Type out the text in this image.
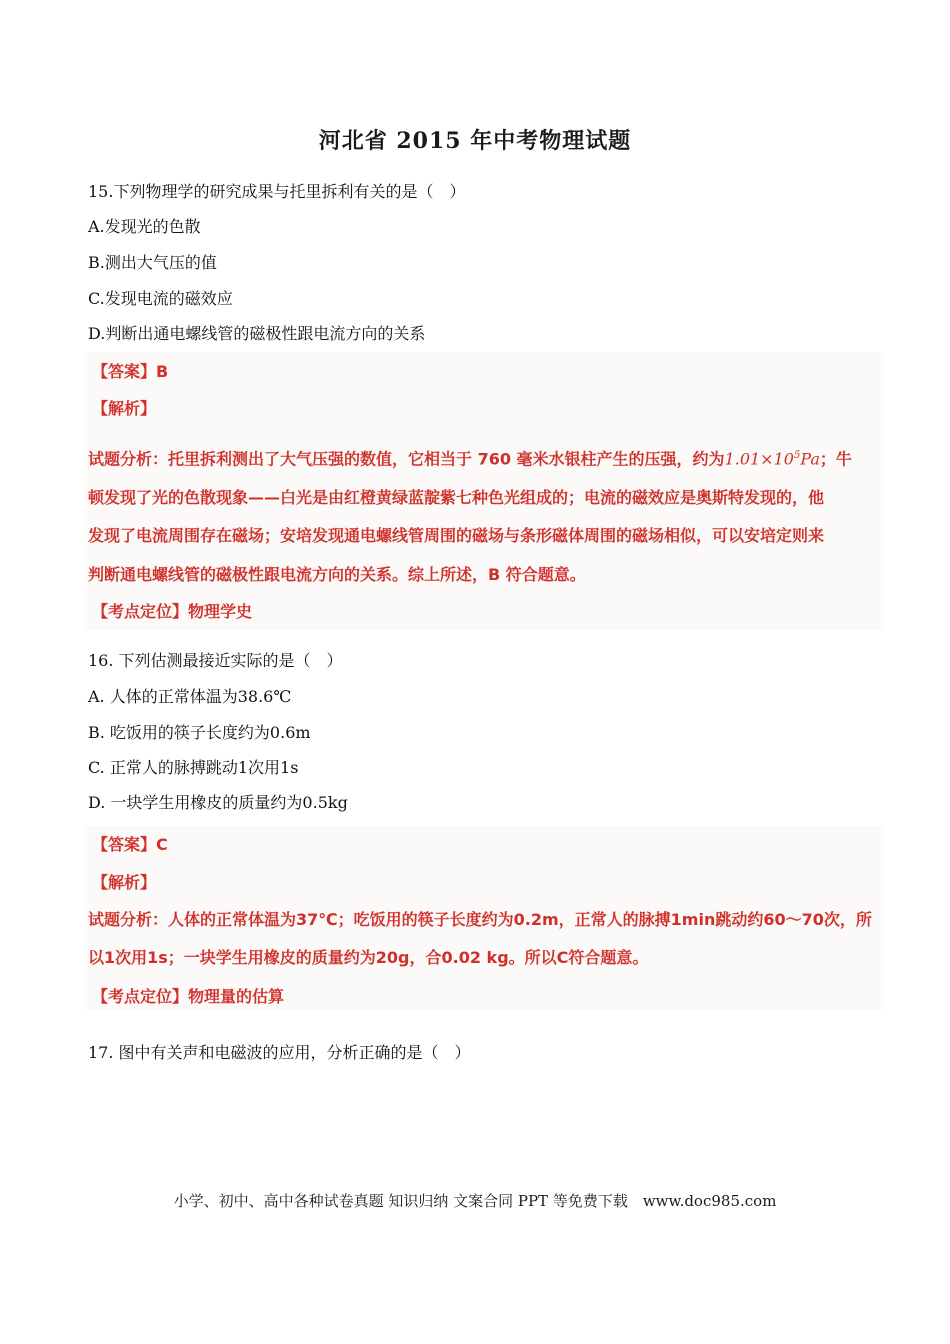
河北省 2015 年中考物理试题
15.下列物理学的研究成果与托里拆利有关的是（　）
A.发现光的色散
B.测出大气压的值
C.发现电流的磁效应
D.判断出通电螺线管的磁极性跟电流方向的关系
【答案】B
【解析】
试题分析：托里拆利测出了大气压强的数值，它相当于 760 毫米水银柱产生的压强，约为$1.01\times 10^5Pa$；牛
顿发现了光的色散现象——白光是由红橙黄绿蓝靛紫七种色光组成的；电流的磁效应是奥斯特发现的，他
发现了电流周围存在磁场；安培发现通电螺线管周围的磁场与条形磁体周围的磁场相似，可以安培定则来
判断通电螺线管的磁极性跟电流方向的关系。综上所述，B 符合题意。
【考点定位】物理学史
16. 下列估测最接近实际的是（　）
A. 人体的正常体温为38.6℃
B. 吃饭用的筷子长度约为0.6m
C. 正常人的脉搏跳动1次用1s
D. 一块学生用橡皮的质量约为0.5kg
【答案】C
【解析】
试题分析：人体的正常体温为37℃；吃饭用的筷子长度约为0.2m，正常人的脉搏1min跳动约60～70次，所
以1次用1s；一块学生用橡皮的质量约为20g，合0.02 kg。所以C符合题意。
【考点定位】物理量的估算
17. 图中有关声和电磁波的应用，分析正确的是（　）
小学、初中、高中各种试卷真题 知识归纳 文案合同 PPT 等免费下载　www.doc985.com
